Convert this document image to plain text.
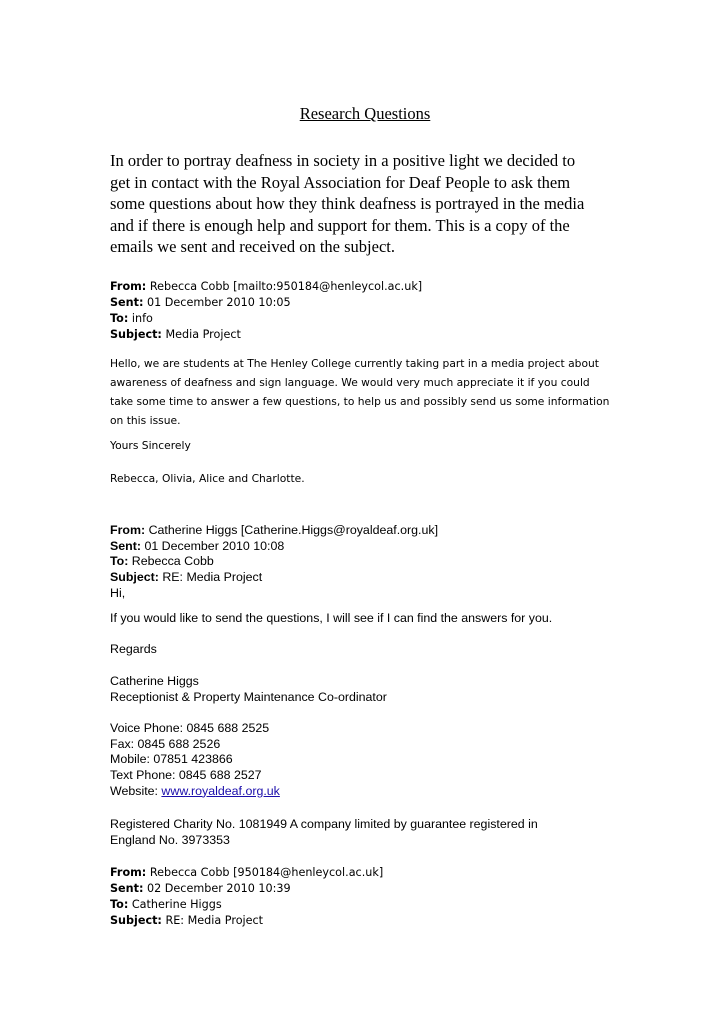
Research Questions

In order to portray deafness in society in a positive light we decided to
get in contact with the Royal Association for Deaf People to ask them
some questions about how they think deafness is portrayed in the media
and if there is enough help and support for them. This is a copy of the
emails we sent and received on the subject.

From: Rebecca Cobb [mailto:950184@henleycol.ac.uk]
Sent: 01 December 2010 10:05
To: info
Subject: Media Project

Hello, we are students at The Henley College currently taking part in a media project about
awareness of deafness and sign language. We would very much appreciate it if you could
take some time to answer a few questions, to help us and possibly send us some information
on this issue.

Yours Sincerely

Rebecca, Olivia, Alice and Charlotte.

From: Catherine Higgs [Catherine.Higgs@royaldeaf.org.uk]
Sent: 01 December 2010 10:08
To: Rebecca Cobb
Subject: RE: Media Project
Hi,

If you would like to send the questions, I will see if I can find the answers for you.

Regards

Catherine Higgs
Receptionist & Property Maintenance Co-ordinator
Voice Phone: 0845 688 2525
Fax: 0845 688 2526
Mobile: 07851 423866
Text Phone: 0845 688 2527
Website: www.royaldeaf.org.uk
Registered Charity No. 1081949 A company limited by guarantee registered in
England No. 3973353
From: Rebecca Cobb [950184@henleycol.ac.uk]
Sent: 02 December 2010 10:39
To: Catherine Higgs
Subject: RE: Media Project
